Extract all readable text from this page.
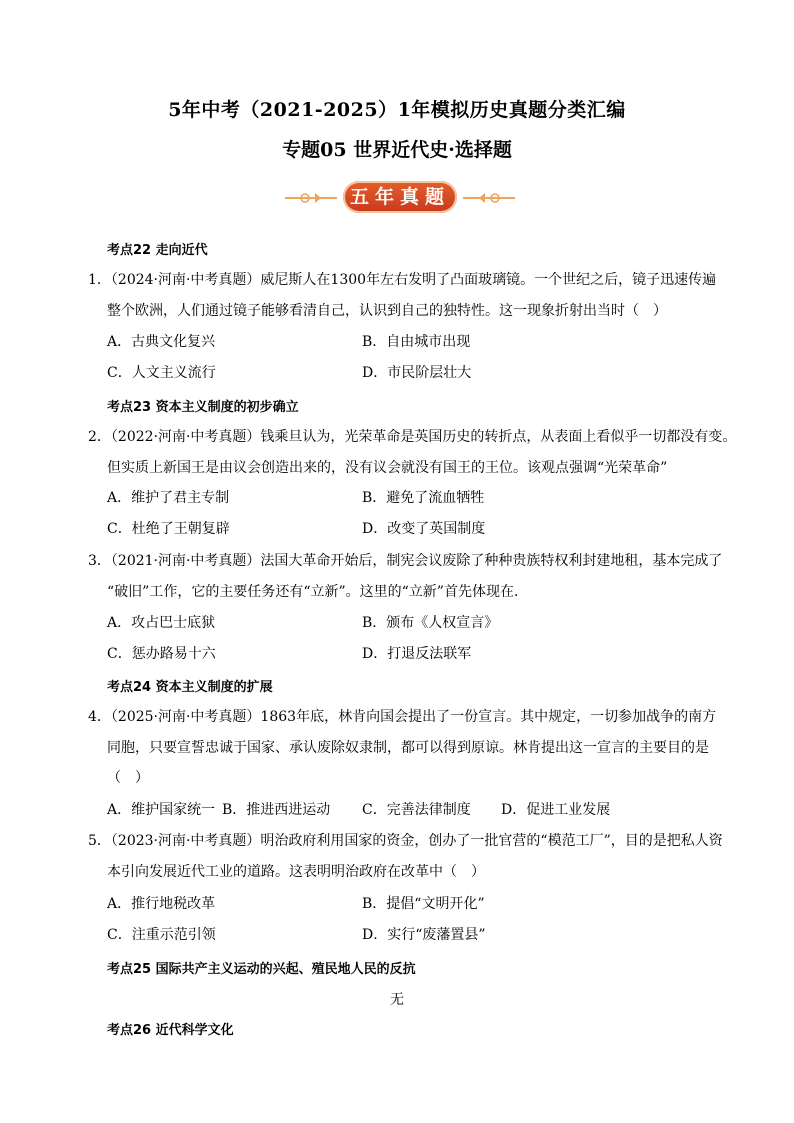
5年中考（2021-2025）1年模拟历史真题分类汇编
专题05 世界近代史·选择题
五年真题
考点22 走向近代
1．（2024·河南·中考真题）威尼斯人在1300年左右发明了凸面玻璃镜。一个世纪之后，镜子迅速传遍
整个欧洲，人们通过镜子能够看清自己，认识到自己的独特性。这一现象折射出当时（　）
A．古典文化复兴	B．自由城市出现
C．人文主义流行	D．市民阶层壮大
考点23 资本主义制度的初步确立
2．（2022·河南·中考真题）钱乘旦认为，光荣革命是英国历史的转折点，从表面上看似乎一切都没有变。
但实质上新国王是由议会创造出来的，没有议会就没有国王的王位。该观点强调“光荣革命”
A．维护了君主专制	B．避免了流血牺牲
C．杜绝了王朝复辟	D．改变了英国制度
3．（2021·河南·中考真题）法国大革命开始后，制宪会议废除了种种贵族特权利封建地租，基本完成了
“破旧”工作，它的主要任务还有“立新”。这里的“立新”首先体现在．
A．攻占巴士底狱	B．颁布《人权宣言》
C．惩办路易十六	D．打退反法联军
考点24 资本主义制度的扩展
4．（2025·河南·中考真题）1863年底，林肯向国会提出了一份宣言。其中规定，一切参加战争的南方
同胞，只要宣誓忠诚于国家、承认废除奴隶制，都可以得到原谅。林肯提出这一宣言的主要目的是
（　）
A．维护国家统一 B．推进西进运动 C．完善法律制度 D．促进工业发展
5．（2023·河南·中考真题）明治政府利用国家的资金，创办了一批官营的“模范工厂”，目的是把私人资
本引向发展近代工业的道路。这表明明治政府在改革中（　）
A．推行地税改革	B．提倡“文明开化”
C．注重示范引领	D．实行“废藩置县”
考点25 国际共产主义运动的兴起、殖民地人民的反抗
无
考点26 近代科学文化
